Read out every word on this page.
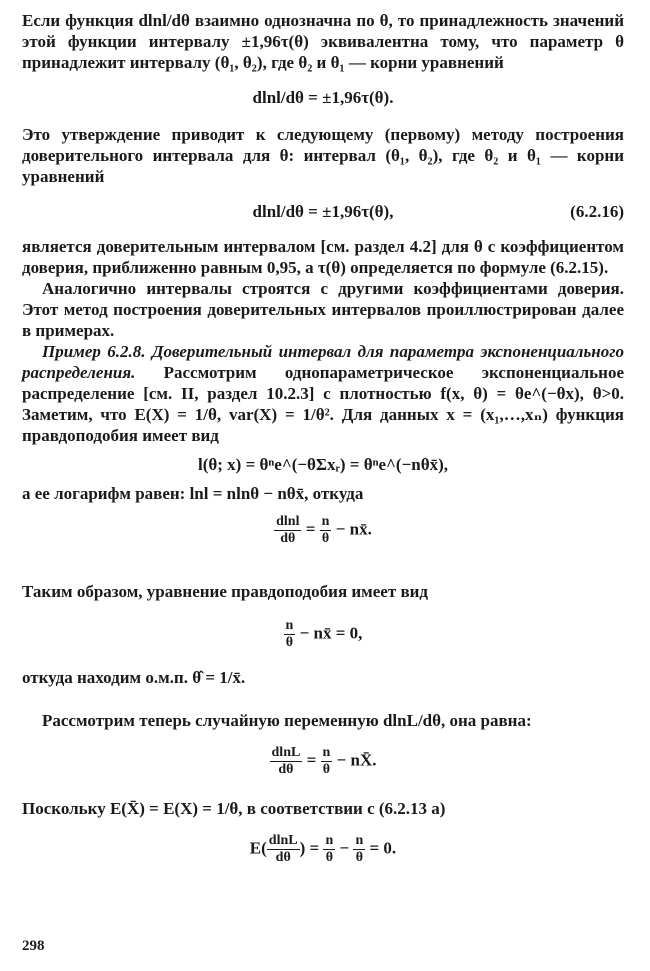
Если функция dlnl/dθ взаимно однозначна по θ, то принадлежность значений этой функции интервалу ±1,96τ(θ) эквивалентна тому, что параметр θ принадлежит интервалу (θ₁, θ₂), где θ₂ и θ₁ — корни уравнений

dlnl/dθ = ±1,96τ(θ).

Это утверждение приводит к следующему (первому) методу построения доверительного интервала для θ: интервал (θ₁, θ₂), где θ₂ и θ₁ — корни уравнений

dlnl/dθ = ±1,96τ(θ),	(6.2.16)

является доверительным интервалом [см. раздел 4.2] для θ с коэффициентом доверия, приближенно равным 0,95, а τ(θ) определяется по формуле (6.2.15).

Аналогично интервалы строятся с другими коэффициентами доверия. Этот метод построения доверительных интервалов проиллюстрирован далее в примерах.

Пример 6.2.8. Доверительный интервал для параметра экспоненциального распределения. Рассмотрим однопараметрическое экспоненциальное распределение [см. II, раздел 10.2.3] с плотностью f(x, θ) = θe^(−θx), θ>0. Заметим, что E(X) = 1/θ, var(X) = 1/θ². Для данных x = (x₁,…,xₙ) функция правдоподобия имеет вид

l(θ; x) = θⁿe^(−θΣxᵣ) = θⁿe^(−nθx̄),

а ее логарифм равен: lnl = nlnθ − nθx̄, откуда

$\frac{dlnl}{d\theta} = \frac{n}{\theta}$ − nx̄.

Таким образом, уравнение правдоподобия имеет вид

$\frac{n}{\theta}$ − nx̄ = 0,

откуда находим о.м.п. θ̂ = 1/x̄.

Рассмотрим теперь случайную переменную dlnL/dθ, она равна:

$\frac{dlnL}{d\theta} = \frac{n}{\theta}$ − nX̄.

Поскольку E(X̄) = E(X) = 1/θ, в соответствии с (6.2.13 а)

$E( \frac{dlnL}{d\theta}$ ) = $\frac{n}{\theta} - \frac{n}{\theta} = 0$.
298
